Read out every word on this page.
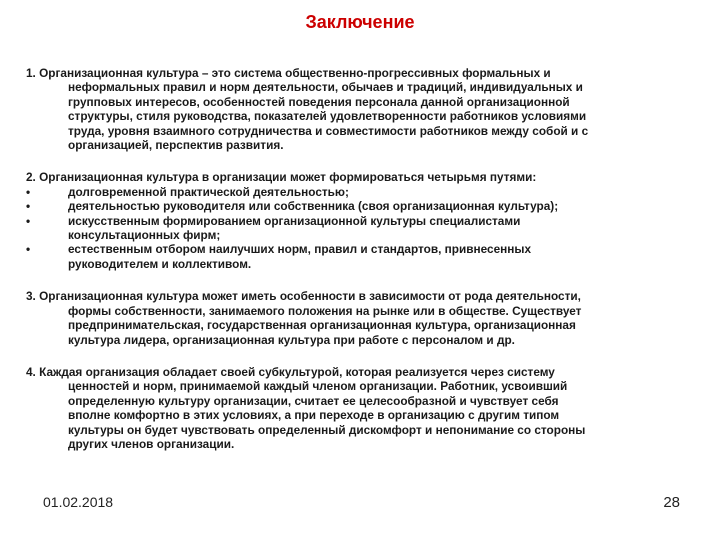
Заключение
1. Организационная культура – это система общественно-прогрессивных формальных и
неформальных правил и норм деятельности, обычаев и традиций, индивидуальных и
групповых интересов, особенностей поведения персонала данной организационной
структуры, стиля руководства, показателей удовлетворенности работников условиями
труда, уровня взаимного сотрудничества и совместимости работников между собой и с
организацией, перспектив развития.
2. Организационная культура в организации может формироваться четырьмя путями:
•	долговременной практической деятельностью;
•	деятельностью руководителя или собственника (своя организационная культура);
•	искусственным формированием организационной культуры специалистами
консультационных фирм;
•	естественным отбором наилучших норм, правил и стандартов, привнесенных
руководителем и коллективом.
3. Организационная культура может иметь особенности в зависимости от рода деятельности,
формы собственности, занимаемого положения на рынке или в обществе. Существует
предпринимательская, государственная организационная культура, организационная
культура лидера, организационная культура при работе с персоналом и др.
4. Каждая организация обладает своей субкультурой, которая реализуется через систему
ценностей и норм, принимаемой каждый членом организации. Работник, усвоивший
определенную культуру организации, считает ее целесообразной и чувствует себя
вполне комфортно в этих условиях, а при переходе в организацию с другим типом
культуры он будет чувствовать определенный дискомфорт и непонимание со стороны
других членов организации.
01.02.2018	28
